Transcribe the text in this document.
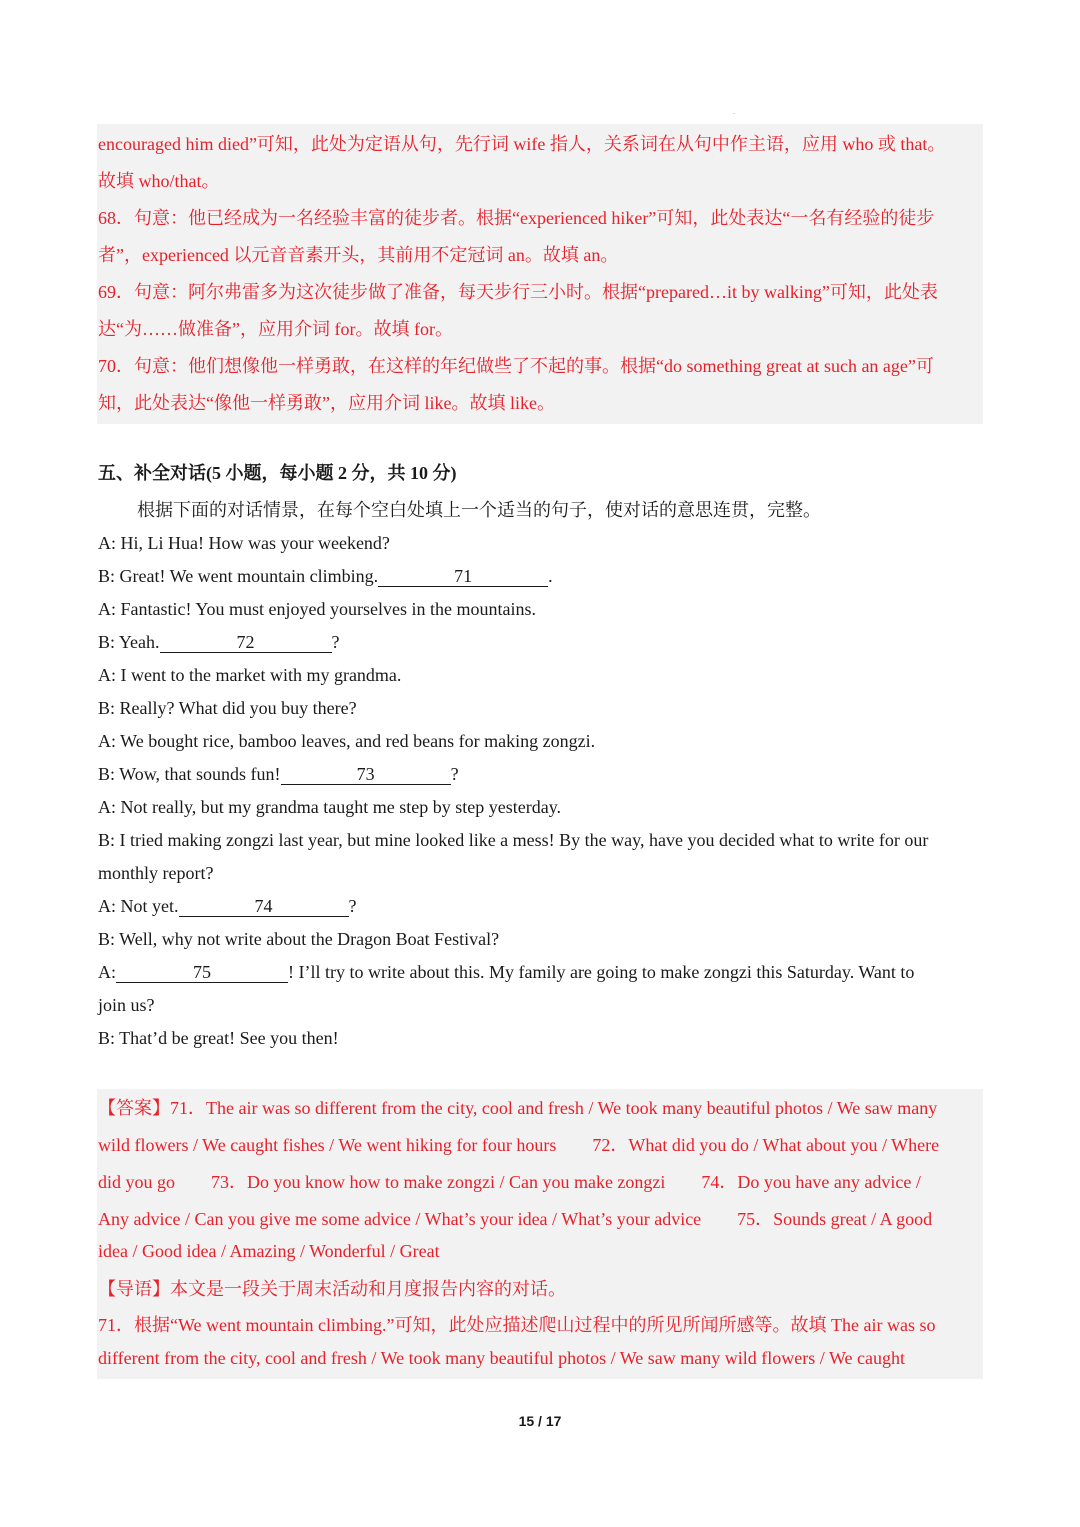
.
encouraged him died”可知，此处为定语从句，先行词 wife 指人，关系词在从句中作主语，应用 who 或 that。
故填 who/that。
68．句意：他已经成为一名经验丰富的徒步者。根据“experienced hiker”可知，此处表达“一名有经验的徒步
者”，experienced 以元音音素开头，其前用不定冠词 an。故填 an。
69．句意：阿尔弗雷多为这次徒步做了准备，每天步行三小时。根据“prepared…it by walking”可知，此处表
达“为……做准备”，应用介词 for。故填 for。
70．句意：他们想像他一样勇敢，在这样的年纪做些了不起的事。根据“do something great at such an age”可
知，此处表达“像他一样勇敢”，应用介词 like。故填 like。
五、补全对话(5 小题，每小题 2 分，共 10 分)
根据下面的对话情景，在每个空白处填上一个适当的句子，使对话的意思连贯，完整。
A: Hi, Li Hua! How was your weekend?
B: Great! We went mountain climbing.	71	.
A: Fantastic! You must enjoyed yourselves in the mountains.
B: Yeah.	72	?
A: I went to the market with my grandma.
B: Really? What did you buy there?
A: We bought rice, bamboo leaves, and red beans for making zongzi.
B: Wow, that sounds fun!	73	?
A: Not really, but my grandma taught me step by step yesterday.
B: I tried making zongzi last year, but mine looked like a mess! By the way, have you decided what to write for our
monthly report?
A: Not yet.	74	?
B: Well, why not write about the Dragon Boat Festival?
A:	75	! I’ll try to write about this. My family are going to make zongzi this Saturday. Want to
join us?
B: That’d be great! See you then!
【答案】71．The air was so different from the city, cool and fresh / We took many beautiful photos / We saw many
wild flowers / We caught fishes / We went hiking for four hours　　72．What did you do / What about you / Where
did you go　　73．Do you know how to make zongzi / Can you make zongzi　　74．Do you have any advice /
Any advice / Can you give me some advice / What’s your idea / What’s your advice　　75．Sounds great / A good
idea / Good idea / Amazing / Wonderful / Great
【导语】本文是一段关于周末活动和月度报告内容的对话。
71．根据“We went mountain climbing.”可知，此处应描述爬山过程中的所见所闻所感等。故填 The air was so
different from the city, cool and fresh / We took many beautiful photos / We saw many wild flowers / We caught
15 / 17
